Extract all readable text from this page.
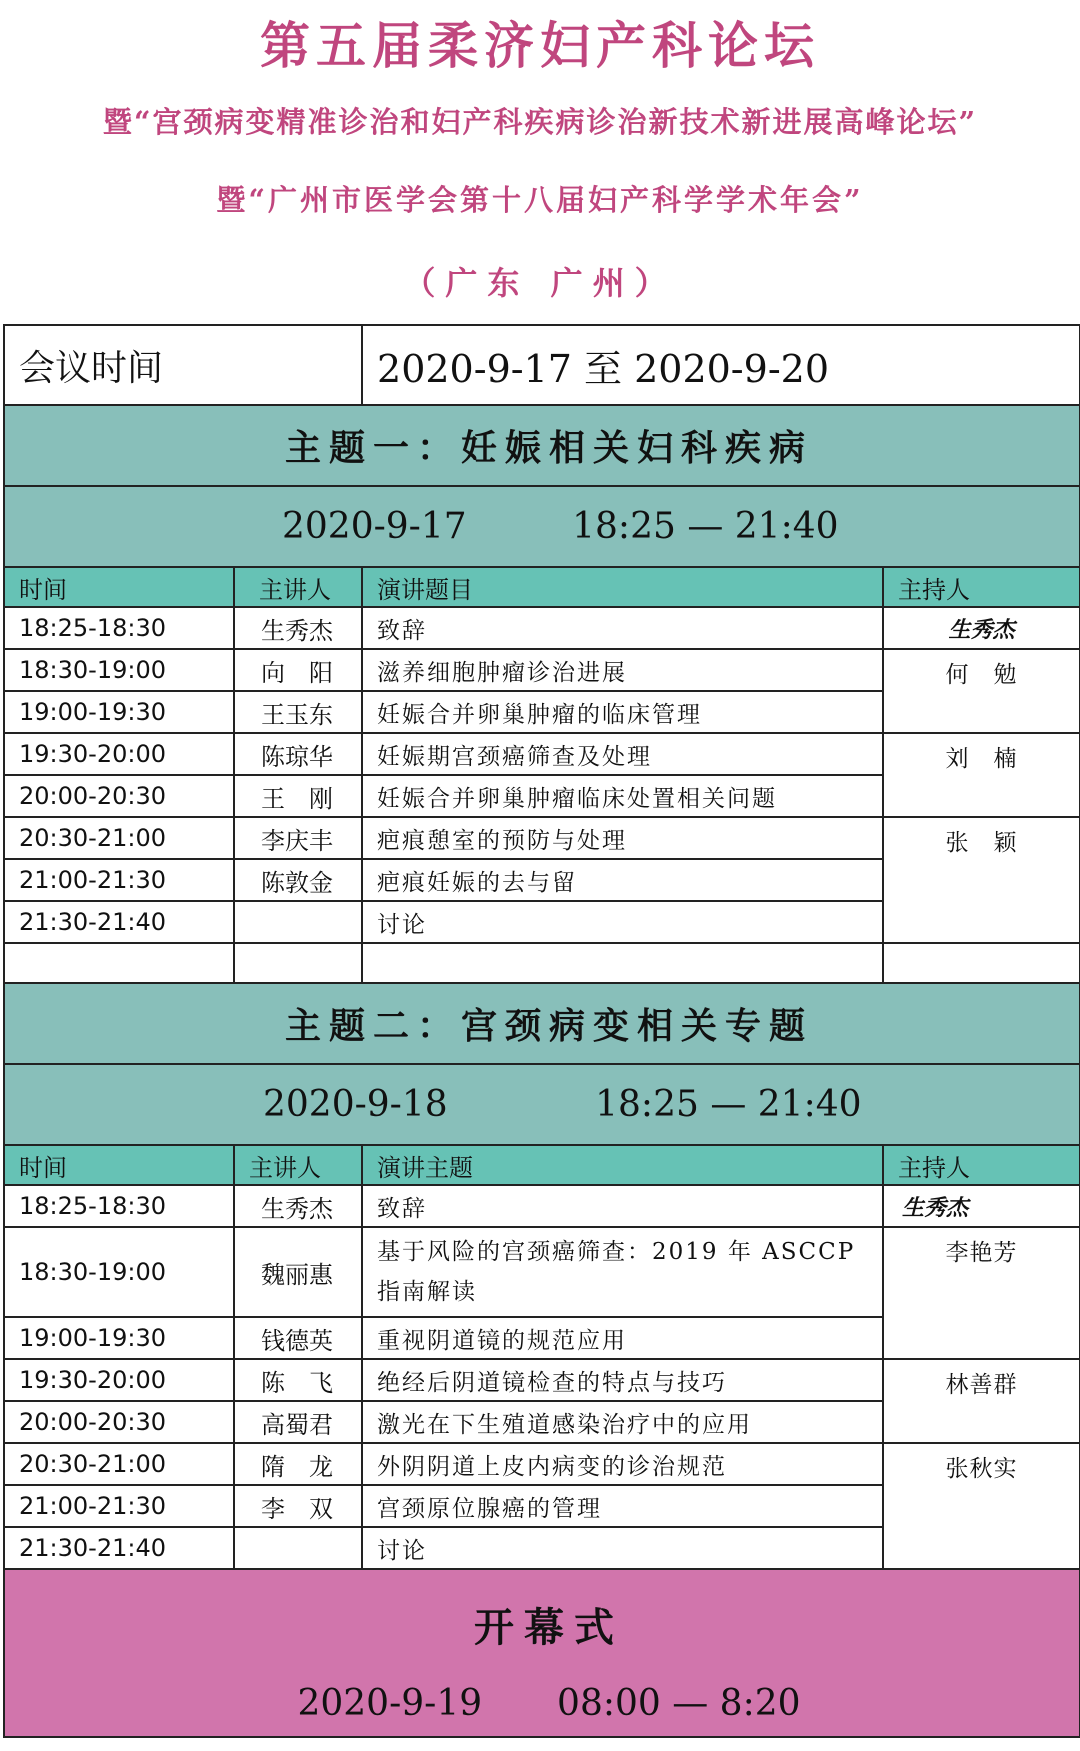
第五届柔济妇产科论坛
暨“宫颈病变精准诊治和妇产科疾病诊治新技术新进展高峰论坛”
暨“广州市医学会第十八届妇产科学学术年会”
（广东 广州）
会议时间		2020-9-17 至 2020-9-20	
主题一：妊娠相关妇科疾病			
2020-9-17 18:25 — 21:40			
时间	主讲人	演讲题目	主持人
18:25-18:30	生秀杰	致辞	生秀杰
18:30-19:00	向　阳	滋养细胞肿瘤诊治进展	何　勉
19:00-19:30	王玉东	妊娠合并卵巢肿瘤的临床管理	
19:30-20:00	陈琼华	妊娠期宫颈癌筛查及处理	刘　楠
20:00-20:30	王　刚	妊娠合并卵巢肿瘤临床处置相关问题	
20:30-21:00	李庆丰	疤痕憩室的预防与处理	张　颖
21:00-21:30	陈敦金	疤痕妊娠的去与留	
21:30-21:40		讨论	

主题二：宫颈病变相关专题			
2020-9-18 18:25 — 21:40			
时间	主讲人	演讲主题	主持人
18:25-18:30	生秀杰	致辞	生秀杰
18:30-19:00	魏丽惠	基于风险的宫颈癌筛查：2019 年 ASCCP 指南解读	李艳芳
19:00-19:30	钱德英	重视阴道镜的规范应用	
19:30-20:00	陈　飞	绝经后阴道镜检查的特点与技巧	林善群
20:00-20:30	高蜀君	激光在下生殖道感染治疗中的应用	
20:30-21:00	隋　龙	外阴阴道上皮内病变的诊治规范	张秋实
21:00-21:30	李　双	宫颈原位腺癌的管理	
21:30-21:40		讨论	

开幕式
2020-9-19 08:00 — 8:20			
